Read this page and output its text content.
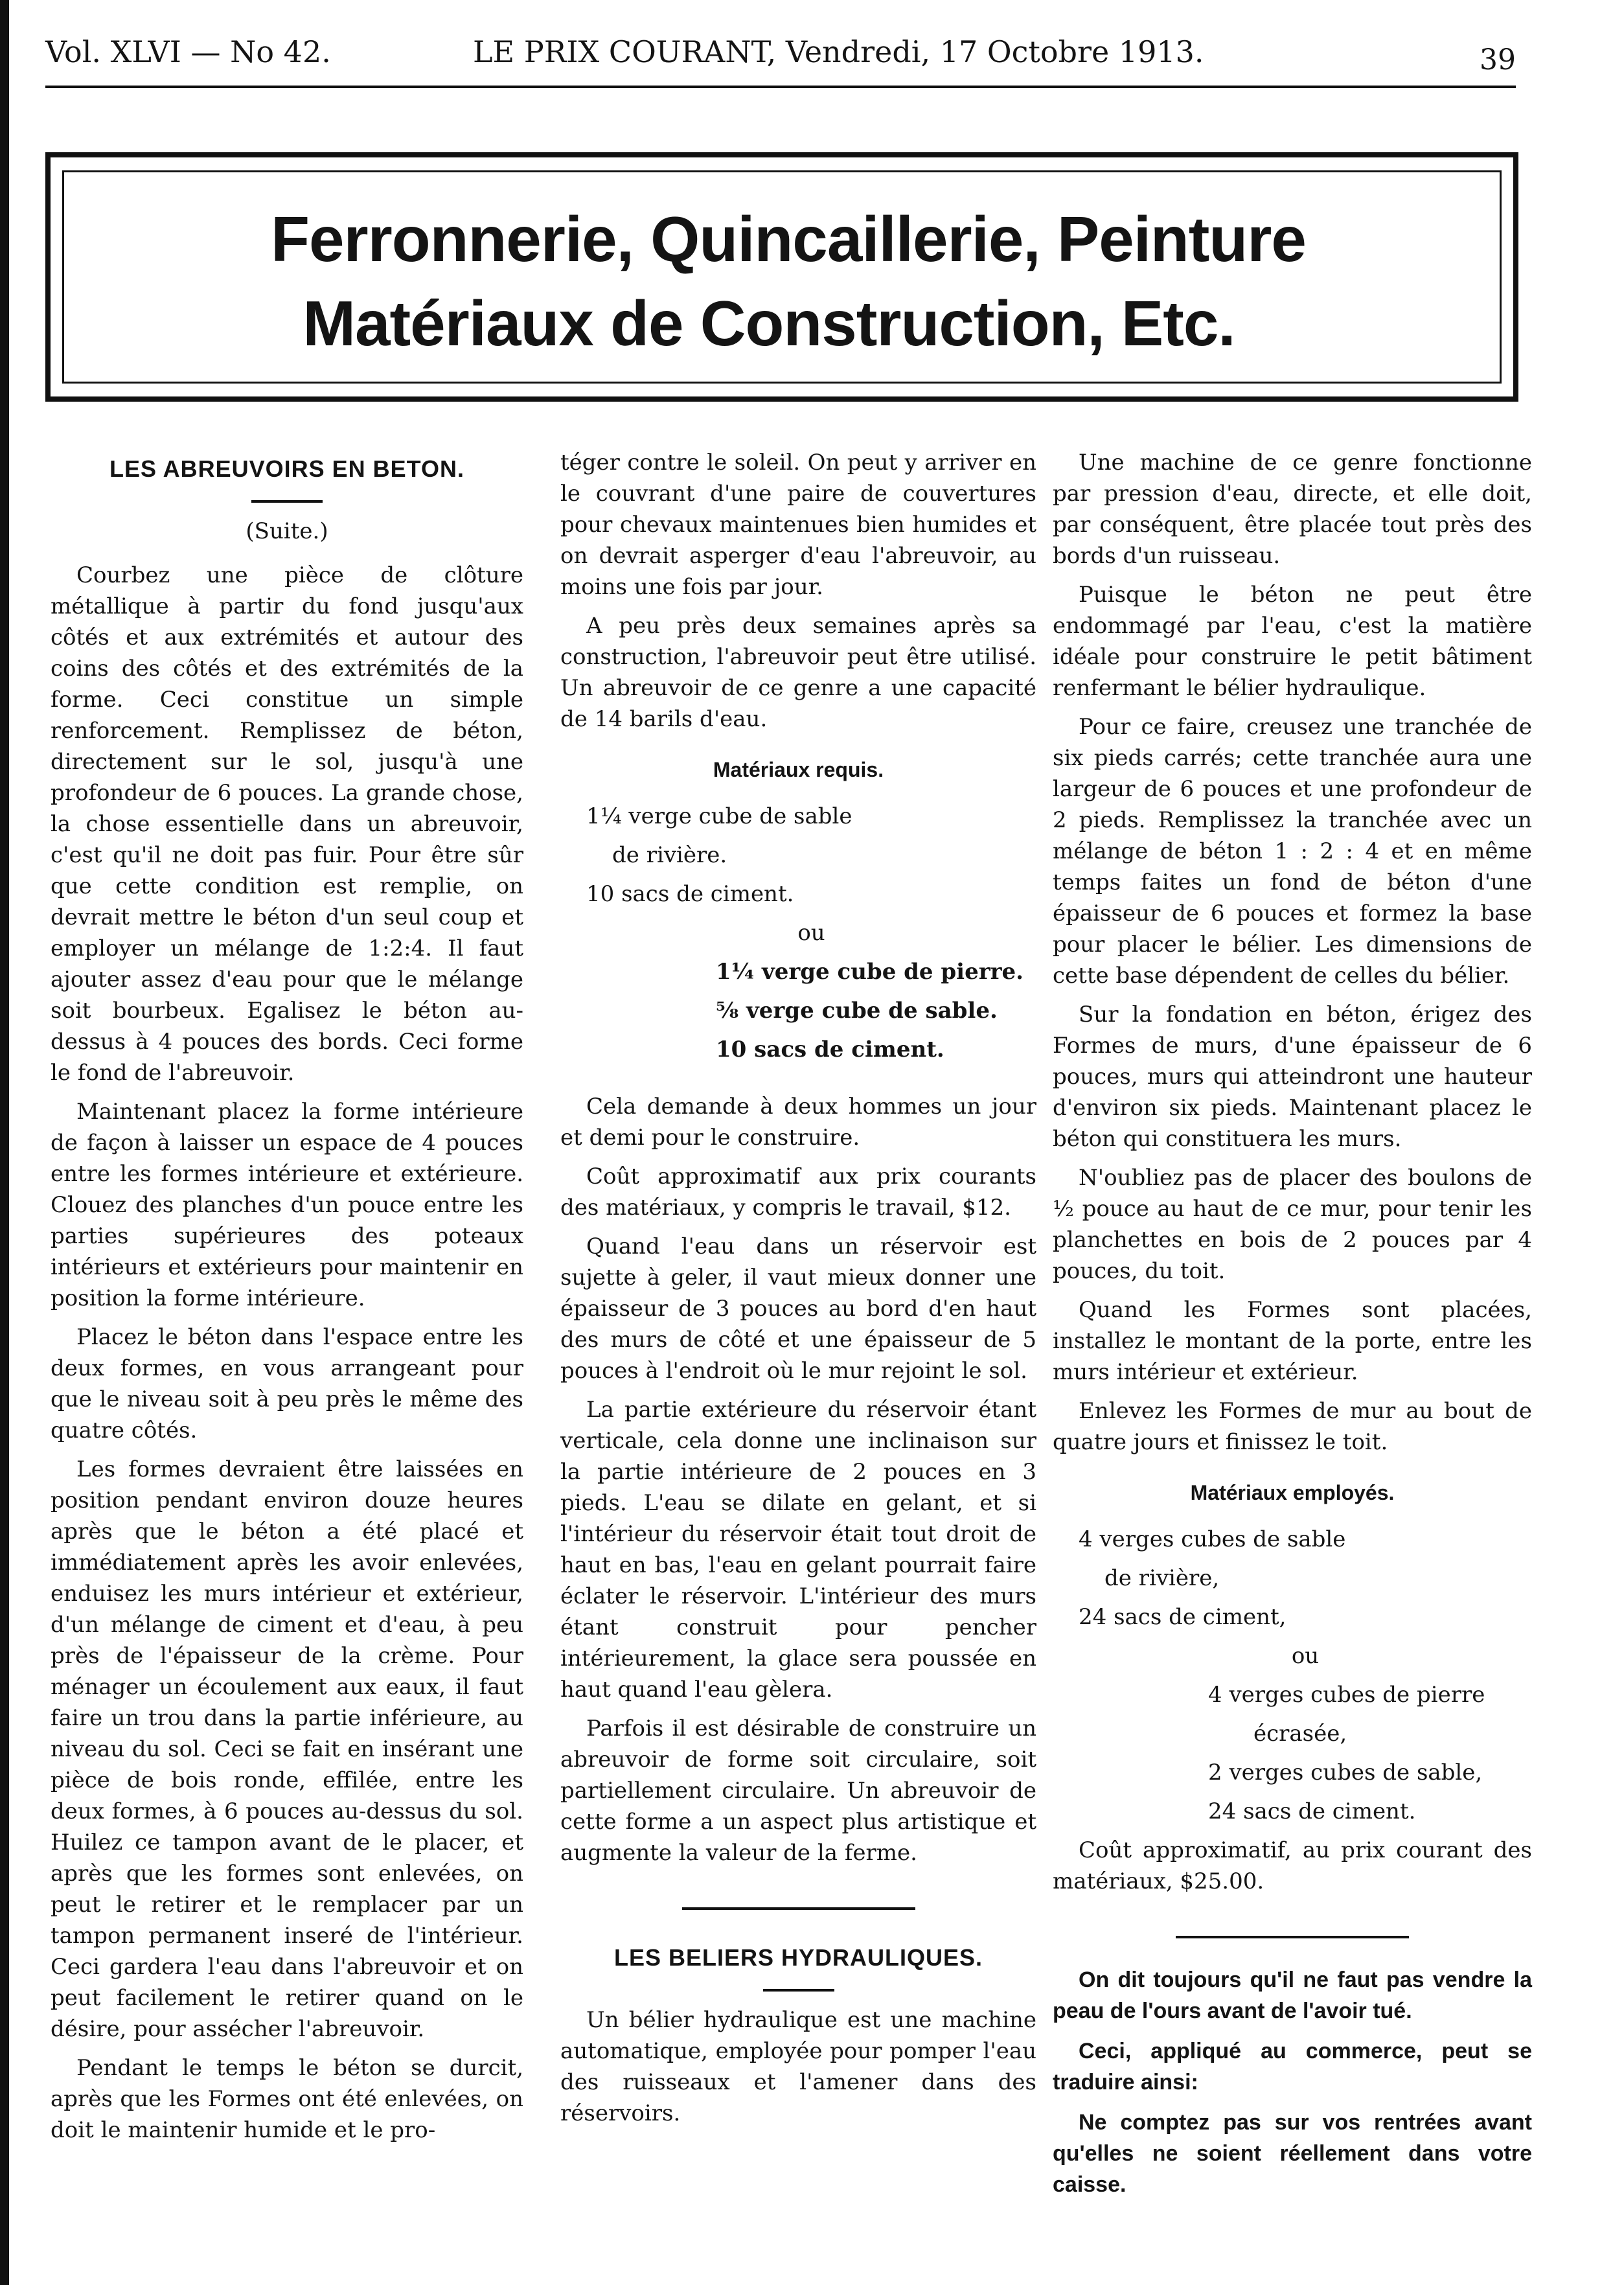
Vol. XLVI — No 42.	LE PRIX COURANT, Vendredi, 17 Octobre 1913.	39
Ferronnerie, Quincaillerie, Peinture
Matériaux de Construction, Etc.
LES ABREUVOIRS EN BETON.
(Suite.)

Courbez une pièce de clôture métallique à partir du fond jusqu'aux côtés et aux extrémités et autour des coins des côtés et des extrémités de la forme. Ceci constitue un simple renforcement. Remplissez de béton, directement sur le sol, jusqu'à une profondeur de 6 pouces. La grande chose, la chose essentielle dans un abreuvoir, c'est qu'il ne doit pas fuir. Pour être sûr que cette condition est remplie, on devrait mettre le béton d'un seul coup et employer un mélange de 1:2:4. Il faut ajouter assez d'eau pour que le mélange soit bourbeux. Egalisez le béton au-dessus à 4 pouces des bords. Ceci forme le fond de l'abreuvoir.

Maintenant placez la forme intérieure de façon à laisser un espace de 4 pouces entre les formes intérieure et extérieure. Clouez des planches d'un pouce entre les parties supérieures des poteaux intérieurs et extérieurs pour maintenir en position la forme intérieure.

Placez le béton dans l'espace entre les deux formes, en vous arrangeant pour que le niveau soit à peu près le même des quatre côtés.

Les formes devraient être laissées en position pendant environ douze heures après que le béton a été placé et immédiatement après les avoir enlevées, enduisez les murs intérieur et extérieur, d'un mélange de ciment et d'eau, à peu près de l'épaisseur de la crème. Pour ménager un écoulement aux eaux, il faut faire un trou dans la partie inférieure, au niveau du sol. Ceci se fait en insérant une pièce de bois ronde, effilée, entre les deux formes, à 6 pouces au-dessus du sol. Huilez ce tampon avant de le placer, et après que les formes sont enlevées, on peut le retirer et le remplacer par un tampon permanent inseré de l'intérieur. Ceci gardera l'eau dans l'abreuvoir et on peut facilement le retirer quand on le désire, pour assécher l'abreuvoir.

Pendant le temps le béton se durcit, après que les Formes ont été enlevées, on doit le maintenir humide et le pro-

téger contre le soleil. On peut y arriver en le couvrant d'une paire de couvertures pour chevaux maintenues bien humides et on devrait asperger d'eau l'abreuvoir, au moins une fois par jour.

A peu près deux semaines après sa construction, l'abreuvoir peut être utilisé. Un abreuvoir de ce genre a une capacité de 14 barils d'eau.

Matériaux requis.

1¼ verge cube de sable

de rivière.

10 sacs de ciment.

ou

1¼ verge cube de pierre.

⅝ verge cube de sable.

10 sacs de ciment.

Cela demande à deux hommes un jour et demi pour le construire.

Coût approximatif aux prix courants des matériaux, y compris le travail, $12.

Quand l'eau dans un réservoir est sujette à geler, il vaut mieux donner une épaisseur de 3 pouces au bord d'en haut des murs de côté et une épaisseur de 5 pouces à l'endroit où le mur rejoint le sol.

La partie extérieure du réservoir étant verticale, cela donne une inclinaison sur la partie intérieure de 2 pouces en 3 pieds. L'eau se dilate en gelant, et si l'intérieur du réservoir était tout droit de haut en bas, l'eau en gelant pourrait faire éclater le réservoir. L'intérieur des murs étant construit pour pencher intérieurement, la glace sera poussée en haut quand l'eau gèlera.

Parfois il est désirable de construire un abreuvoir de forme soit circulaire, soit partiellement circulaire. Un abreuvoir de cette forme a un aspect plus artistique et augmente la valeur de la ferme.

LES BELIERS HYDRAULIQUES.

Un bélier hydraulique est une machine automatique, employée pour pomper l'eau des ruisseaux et l'amener dans des réservoirs.

Une machine de ce genre fonctionne par pression d'eau, directe, et elle doit, par conséquent, être placée tout près des bords d'un ruisseau.

Puisque le béton ne peut être endommagé par l'eau, c'est la matière idéale pour construire le petit bâtiment renfermant le bélier hydraulique.

Pour ce faire, creusez une tranchée de six pieds carrés; cette tranchée aura une largeur de 6 pouces et une profondeur de 2 pieds. Remplissez la tranchée avec un mélange de béton 1 : 2 : 4 et en même temps faites un fond de béton d'une épaisseur de 6 pouces et formez la base pour placer le bélier. Les dimensions de cette base dépendent de celles du bélier.

Sur la fondation en béton, érigez des Formes de murs, d'une épaisseur de 6 pouces, murs qui atteindront une hauteur d'environ six pieds. Maintenant placez le béton qui constituera les murs.

N'oubliez pas de placer des boulons de ½ pouce au haut de ce mur, pour tenir les planchettes en bois de 2 pouces par 4 pouces, du toit.

Quand les Formes sont placées, installez le montant de la porte, entre les murs intérieur et extérieur.

Enlevez les Formes de mur au bout de quatre jours et finissez le toit.

Matériaux employés.

4 verges cubes de sable

de rivière,

24 sacs de ciment,

ou

4 verges cubes de pierre

écrasée,

2 verges cubes de sable,

24 sacs de ciment.

Coût approximatif, au prix courant des matériaux, $25.00.

On dit toujours qu'il ne faut pas vendre la peau de l'ours avant de l'avoir tué.

Ceci, appliqué au commerce, peut se traduire ainsi:

Ne comptez pas sur vos rentrées avant qu'elles ne soient réellement dans votre caisse.
